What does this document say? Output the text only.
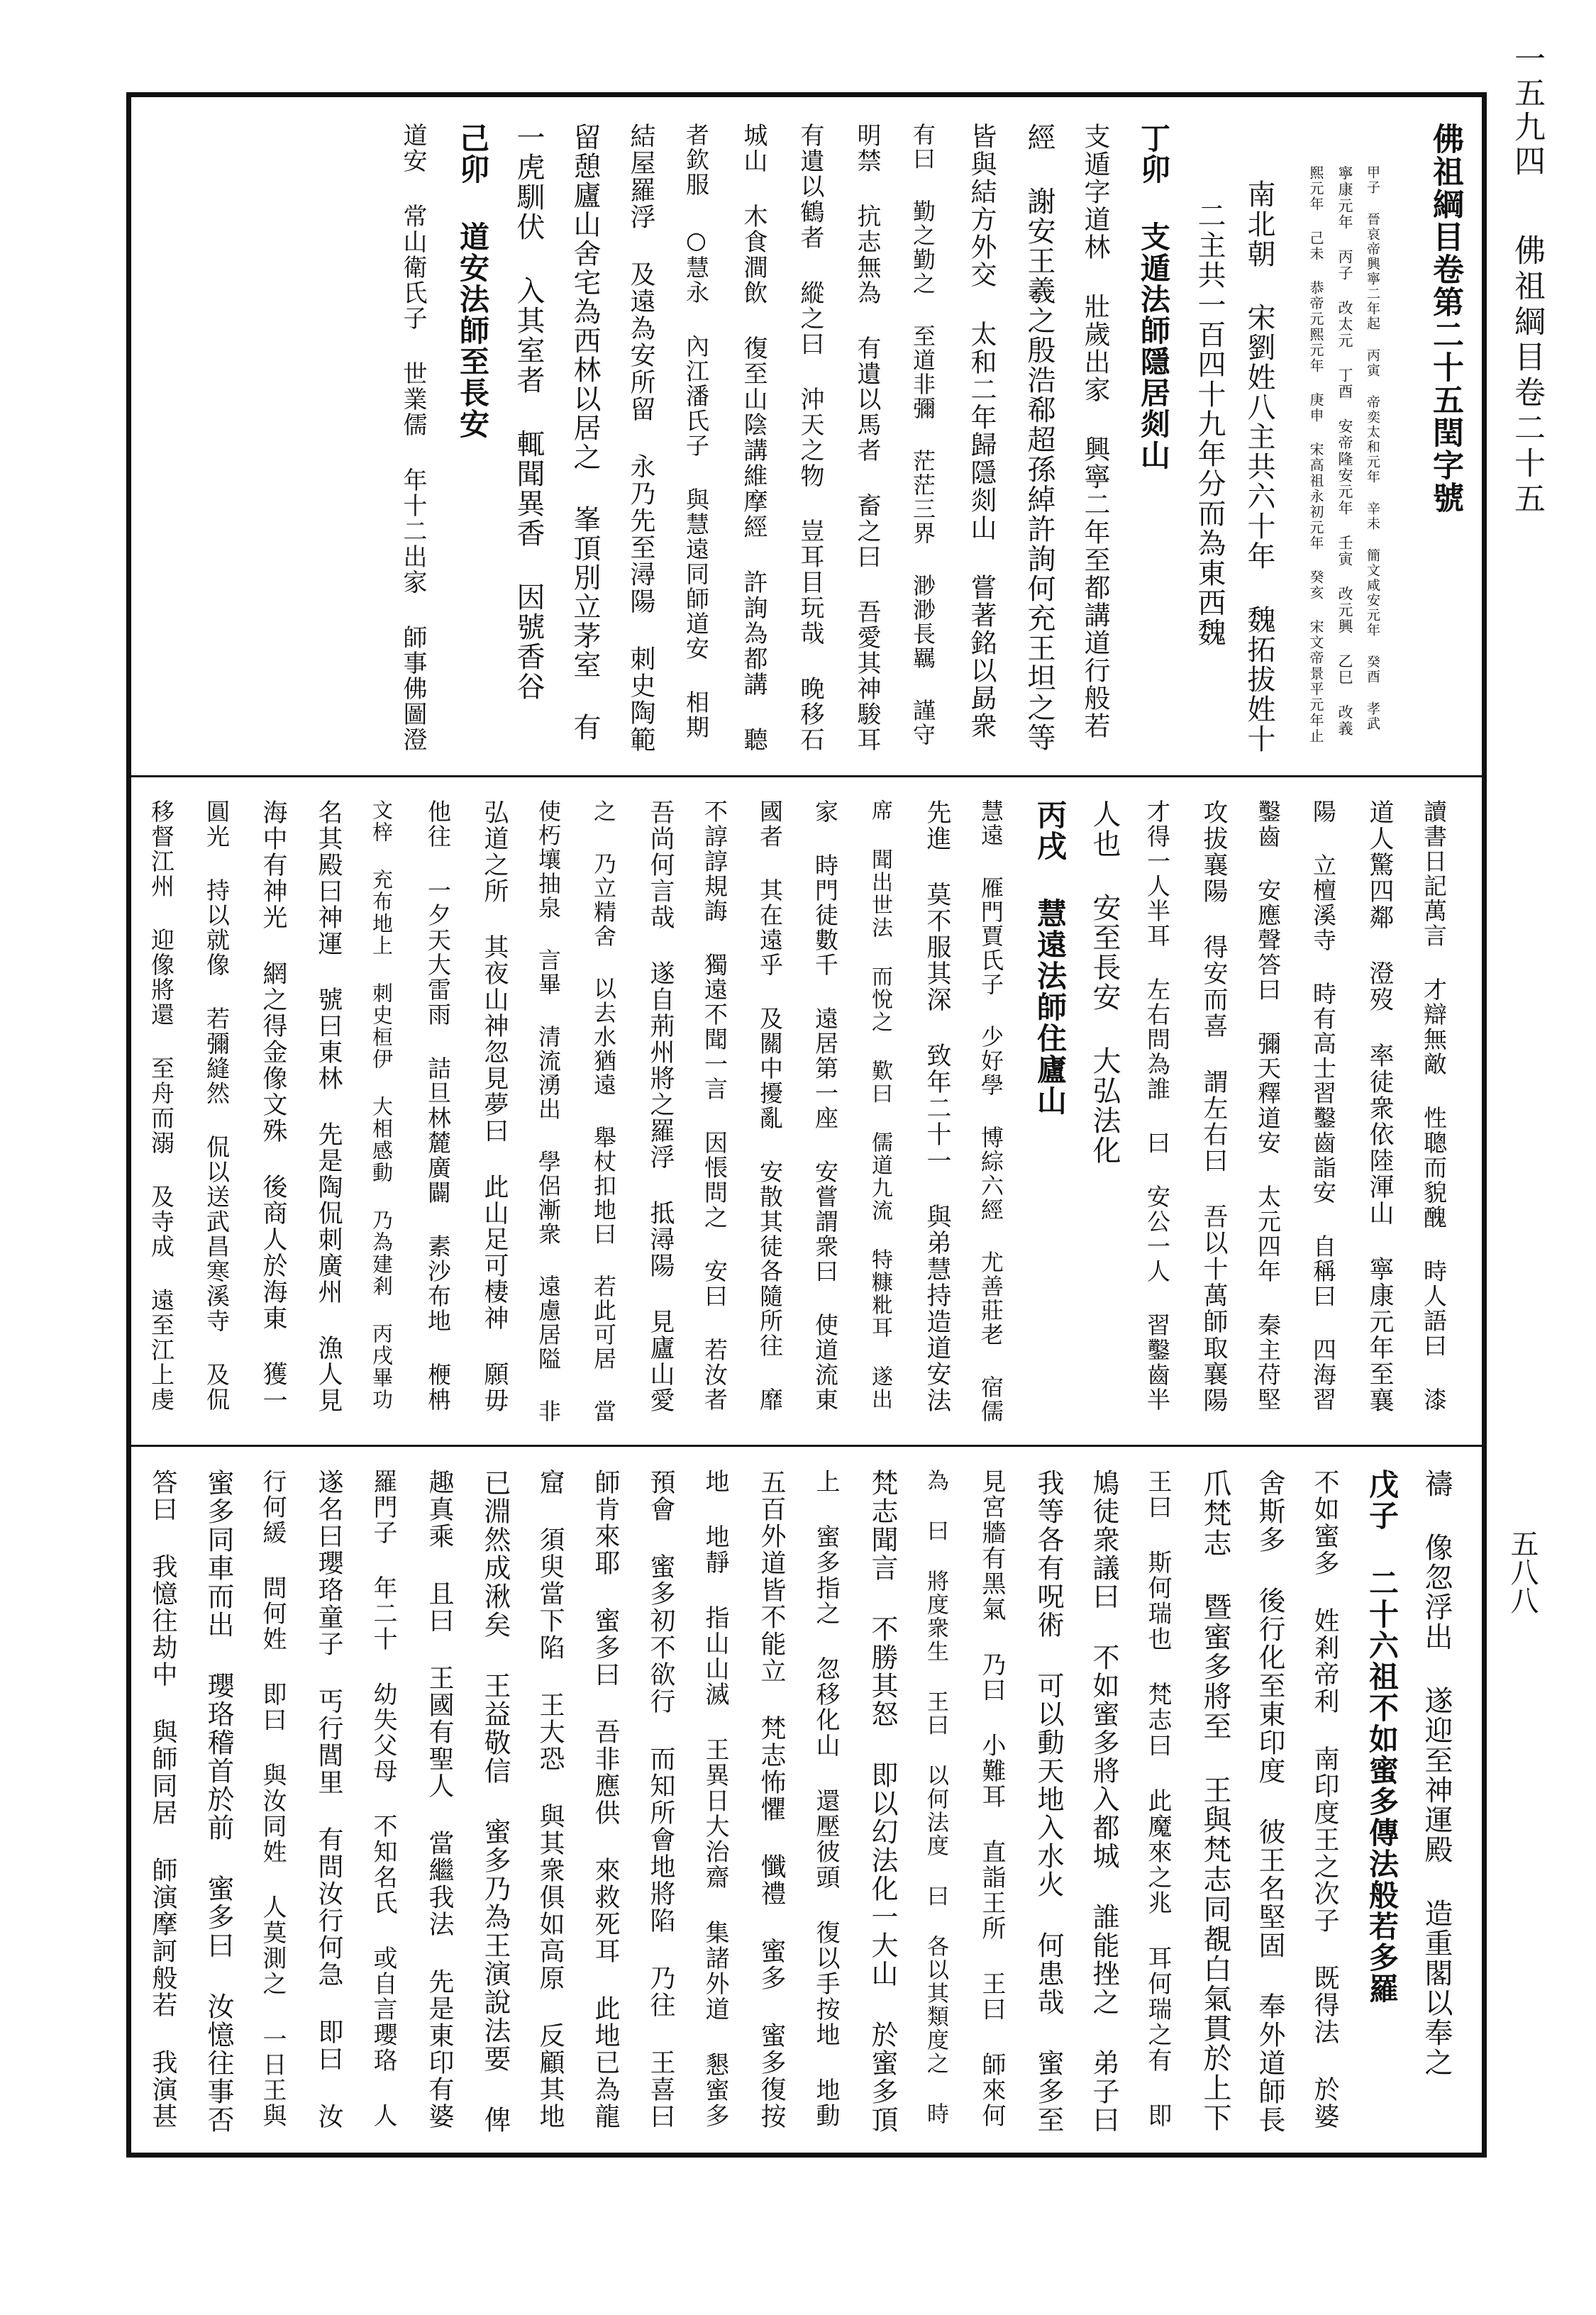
一五九四
佛祖綱目卷二十五
五八八
佛祖綱目卷第二十五閏字號
甲子 晉哀帝興寧二年起 丙寅 帝奕太和元年 辛未 簡文咸安元年 癸酉 孝武
寧康元年 丙子 改太元 丁酉 安帝隆安元年 壬寅 改元興 乙巳 改義
熙元年 己未 恭帝元熙元年 庚申 宋高祖永初元年 癸亥 宋文帝景平元年止
南北朝 宋劉姓八主共六十年 魏拓拔姓十
二主共一百四十九年分而為東西魏
丁卯 支遁法師隱居剡山
支遁字道林 壯歲出家 興寧二年至都講道行般若
經 謝安王羲之殷浩郗超孫綽許詢何充王坦之等
皆與結方外交 太和二年歸隱剡山 嘗著銘以勗衆
有曰 勤之勤之 至道非彌 茫茫三界 渺渺長羈 謹守
明禁 抗志無為 有遺以馬者 畜之曰 吾愛其神駿耳
有遺以鶴者 縱之曰 沖天之物 豈耳目玩哉 晚移石
城山 木食澗飲 復至山陰講維摩經 許詢為都講 聽
者欽服 ○慧永 內江潘氏子 與慧遠同師道安 相期
結屋羅浮 及遠為安所留 永乃先至潯陽 刺史陶範
留憩廬山舍宅為西林以居之 峯頂別立茅室 有
一虎馴伏 入其室者 輒聞異香 因號香谷
己卯 道安法師至長安
道安 常山衛氏子 世業儒 年十二出家 師事佛圖澄
讀書日記萬言 才辯無敵 性聰而貌醜 時人語曰 漆
道人驚四鄰 澄歿 率徒衆依陸渾山 寧康元年至襄
陽 立檀溪寺 時有高士習鑿齒詣安 自稱曰 四海習
鑿齒 安應聲答曰 彌天釋道安 太元四年 秦主苻堅
攻拔襄陽 得安而喜 謂左右曰 吾以十萬師取襄陽
才得一人半耳 左右問為誰 曰 安公一人 習鑿齒半
人也 安至長安 大弘法化
丙戌 慧遠法師住廬山
慧遠 雁門賈氏子 少好學 博綜六經 尤善莊老 宿儒
先進 莫不服其深 致年二十一 與弟慧持造道安法
席 聞出世法 而悅之 歎曰 儒道九流 特糠粃耳 遂出
家 時門徒數千 遠居第一座 安嘗謂衆曰 使道流東
國者 其在遠乎 及關中擾亂 安散其徒各隨所往 靡
不諄諄規誨 獨遠不聞一言 因悵問之 安曰 若汝者
吾尚何言哉 遂自荊州將之羅浮 抵潯陽 見廬山愛
之 乃立精舍 以去水猶遠 舉杖扣地曰 若此可居 當
使朽壤抽泉 言畢 清流湧出 學侶漸衆 遠慮居隘 非
弘道之所 其夜山神忽見夢曰 此山足可棲神 願毋
他往 一夕天大雷雨 詰旦林麓廣闢 素沙布地 楩柟
文梓 充布地上 刺史桓伊 大相感動 乃為建剎 丙戌畢功
名其殿曰神運 號曰東林 先是陶侃刺廣州 漁人見
海中有神光 網之得金像文殊 後商人於海東 獲一
圓光 持以就像 若彌縫然 侃以送武昌寒溪寺 及侃
移督江州 迎像將還 至舟而溺 及寺成 遠至江上虔
禱 像忽浮出 遂迎至神運殿 造重閣以奉之
戊子 二十六祖不如蜜多傳法般若多羅
不如蜜多 姓剎帝利 南印度王之次子 既得法 於婆
舍斯多 後行化至東印度 彼王名堅固 奉外道師長
爪梵志 暨蜜多將至 王與梵志同覩白氣貫於上下
王曰 斯何瑞也 梵志曰 此魔來之兆 耳何瑞之有 即
鳩徒衆議曰 不如蜜多將入都城 誰能挫之 弟子曰
我等各有呪術 可以動天地入水火 何患哉 蜜多至
見宮牆有黑氣 乃曰 小難耳 直詣王所 王曰 師來何
為 曰 將度衆生 王曰 以何法度 曰 各以其類度之 時
梵志聞言 不勝其怒 即以幻法化一大山 於蜜多頂
上 蜜多指之 忽移化山 還壓彼頭 復以手按地 地動
五百外道皆不能立 梵志怖懼 懺禮 蜜多 蜜多復按
地 地靜 指山山滅 王異日大治齋 集諸外道 懇蜜多
預會 蜜多初不欲行 而知所會地將陷 乃往 王喜曰
師肯來耶 蜜多曰 吾非應供 來救死耳 此地已為龍
窟 須臾當下陷 王大恐 與其衆俱如高原 反顧其地
已淵然成湫矣 王益敬信 蜜多乃為王演說法要 俾
趣真乘 且曰 王國有聖人 當繼我法 先是東印有婆
羅門子 年二十 幼失父母 不知名氏 或自言瓔珞 人
遂名曰瓔珞童子 丐行閭里 有問汝行何急 即曰 汝
行何緩 問何姓 即曰 與汝同姓 人莫測之 一日王與
蜜多同車而出 瓔珞稽首於前 蜜多曰 汝憶往事否
答曰 我憶往劫中 與師同居 師演摩訶般若 我演甚
